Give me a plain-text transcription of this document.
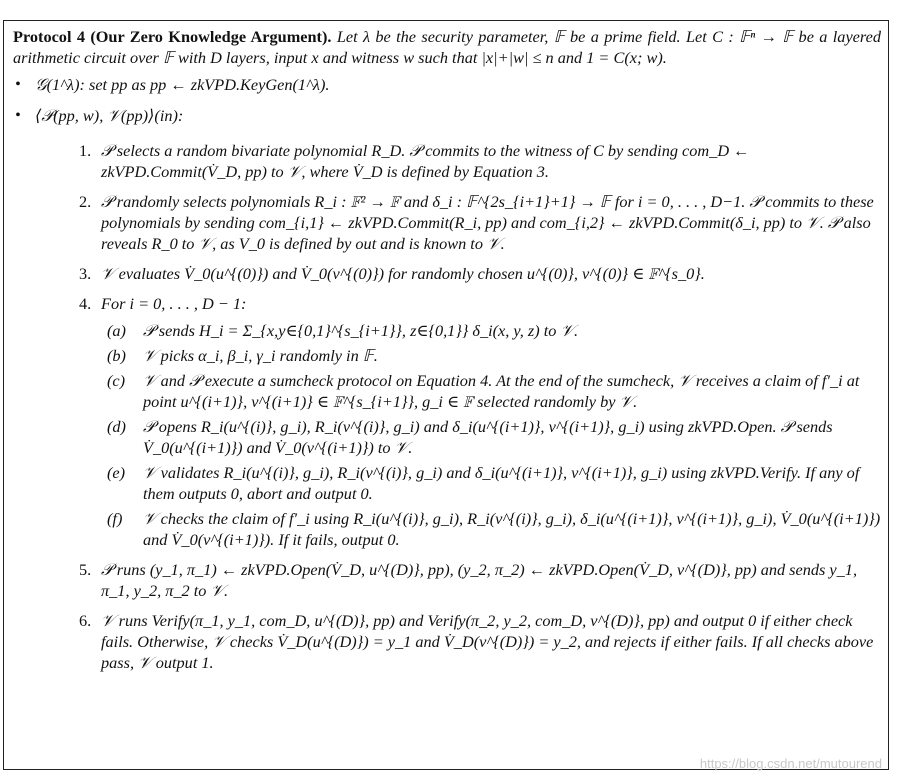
Protocol 4 (Our Zero Knowledge Argument). Let λ be the security parameter, 𝔽 be a prime field. Let C : 𝔽ⁿ → 𝔽 be a layered arithmetic circuit over 𝔽 with D layers, input x and witness w such that |x|+|w| ≤ n and 1 = C(x; w).
• 𝒢(1^λ): set pp as pp ← zkVPD.KeyGen(1^λ).
• ⟨𝒫(pp, w), 𝒱(pp)⟩(in):
1. 𝒫 selects a random bivariate polynomial R_D. 𝒫 commits to the witness of C by sending com_D ← zkVPD.Commit(V̇_D, pp) to 𝒱, where V̇_D is defined by Equation 3.
2. 𝒫 randomly selects polynomials R_i : 𝔽² → 𝔽 and δ_i : 𝔽^{2s_{i+1}+1} → 𝔽 for i = 0, . . . , D−1. 𝒫 commits to these polynomials by sending com_{i,1} ← zkVPD.Commit(R_i, pp) and com_{i,2} ← zkVPD.Commit(δ_i, pp) to 𝒱. 𝒫 also reveals R_0 to 𝒱, as V_0 is defined by out and is known to 𝒱.
3. 𝒱 evaluates V̇_0(u^{(0)}) and V̇_0(v^{(0)}) for randomly chosen u^{(0)}, v^{(0)} ∈ 𝔽^{s_0}.
4. For i = 0, . . . , D − 1:
(a) 𝒫 sends H_i = Σ_{x,y∈{0,1}^{s_{i+1}}, z∈{0,1}} δ_i(x, y, z) to 𝒱.
(b) 𝒱 picks α_i, β_i, γ_i randomly in 𝔽.
(c) 𝒱 and 𝒫 execute a sumcheck protocol on Equation 4. At the end of the sumcheck, 𝒱 receives a claim of f′_i at point u^{(i+1)}, v^{(i+1)} ∈ 𝔽^{s_{i+1}}, g_i ∈ 𝔽 selected randomly by 𝒱.
(d) 𝒫 opens R_i(u^{(i)}, g_i), R_i(v^{(i)}, g_i) and δ_i(u^{(i+1)}, v^{(i+1)}, g_i) using zkVPD.Open. 𝒫 sends V̇_0(u^{(i+1)}) and V̇_0(v^{(i+1)}) to 𝒱.
(e) 𝒱 validates R_i(u^{(i)}, g_i), R_i(v^{(i)}, g_i) and δ_i(u^{(i+1)}, v^{(i+1)}, g_i) using zkVPD.Verify. If any of them outputs 0, abort and output 0.
(f) 𝒱 checks the claim of f′_i using R_i(u^{(i)}, g_i), R_i(v^{(i)}, g_i), δ_i(u^{(i+1)}, v^{(i+1)}, g_i), V̇_0(u^{(i+1)}) and V̇_0(v^{(i+1)}). If it fails, output 0.
5. 𝒫 runs (y_1, π_1) ← zkVPD.Open(V̇_D, u^{(D)}, pp), (y_2, π_2) ← zkVPD.Open(V̇_D, v^{(D)}, pp) and sends y_1, π_1, y_2, π_2 to 𝒱.
6. 𝒱 runs Verify(π_1, y_1, com_D, u^{(D)}, pp) and Verify(π_2, y_2, com_D, v^{(D)}, pp) and output 0 if either check fails. Otherwise, 𝒱 checks V̇_D(u^{(D)}) = y_1 and V̇_D(v^{(D)}) = y_2, and rejects if either fails. If all checks above pass, 𝒱 output 1.
https://blog.csdn.net/mutourend
